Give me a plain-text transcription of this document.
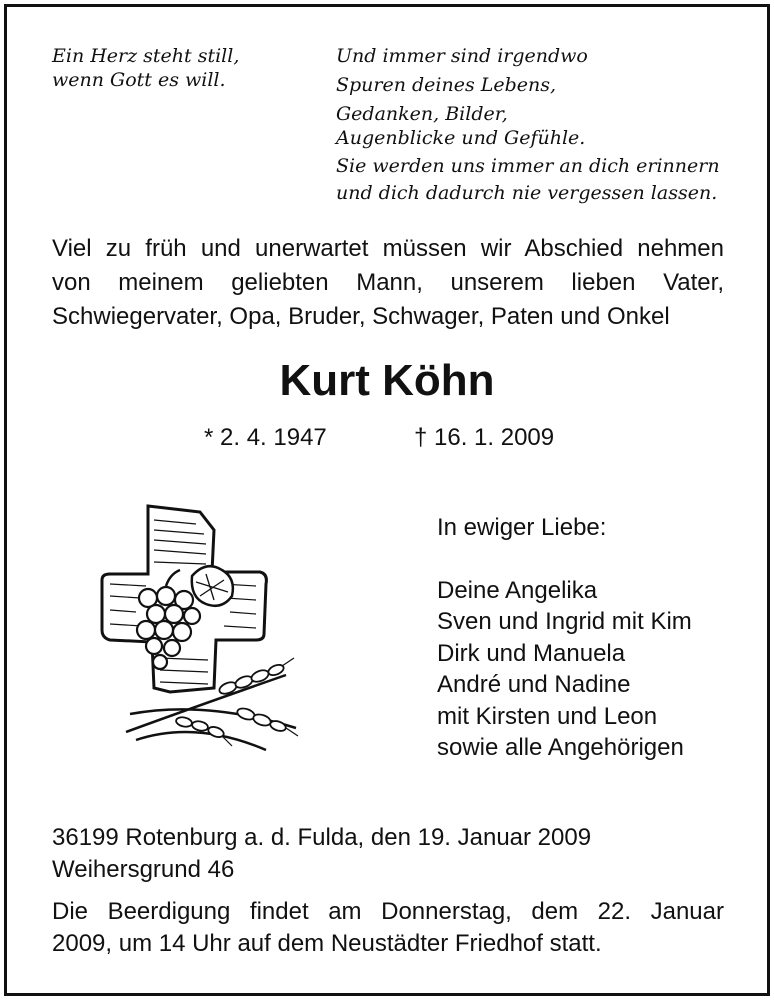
Ein Herz steht still,
wenn Gott es will.
Und immer sind irgendwo
Spuren deines Lebens,
Gedanken, Bilder,
Augenblicke und Gefühle.
Sie werden uns immer an dich erinnern
und dich dadurch nie vergessen lassen.
Viel zu früh und unerwartet müssen wir Abschied nehmen
von meinem geliebten Mann, unserem lieben Vater,
Schwiegervater, Opa, Bruder, Schwager, Paten und Onkel
Kurt Köhn
* 2. 4. 1947	† 16. 1. 2009
In ewiger Liebe:
Deine Angelika
Sven und Ingrid mit Kim
Dirk und Manuela
André und Nadine
mit Kirsten und Leon
sowie alle Angehörigen
36199 Rotenburg a. d. Fulda, den 19. Januar 2009
Weihersgrund 46
Die Beerdigung findet am Donnerstag, dem 22. Januar
2009, um 14 Uhr auf dem Neustädter Friedhof statt.
